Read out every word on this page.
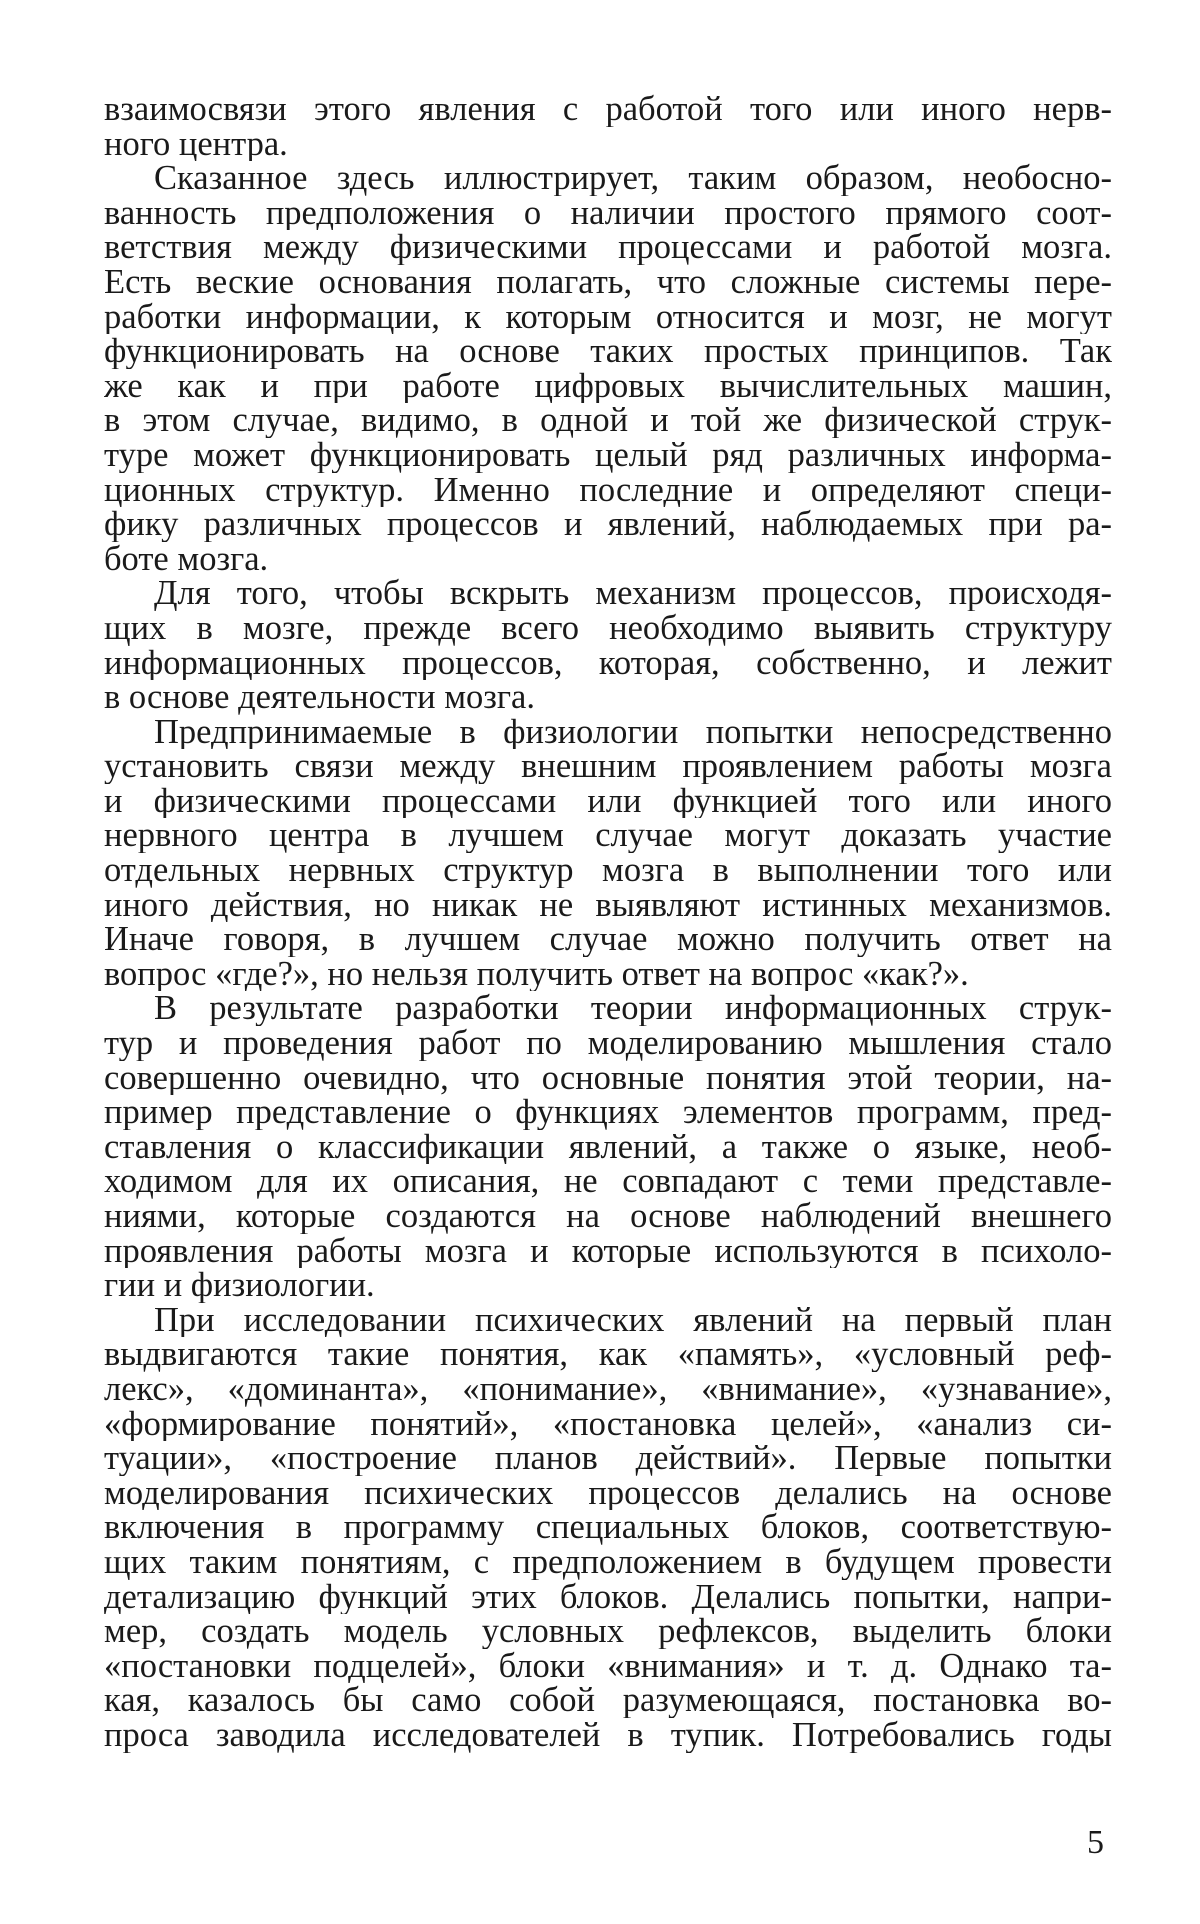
взаимосвязи этого явления с работой того или иного нерв-
ного центра.
Сказанное здесь иллюстрирует, таким образом, необосно-
ванность предположения о наличии простого прямого соот-
ветствия между физическими процессами и работой мозга.
Есть веские основания полагать, что сложные системы пере-
работки информации, к которым относится и мозг, не могут
функционировать на основе таких простых принципов. Так
же как и при работе цифровых вычислительных машин,
в этом случае, видимо, в одной и той же физической струк-
туре может функционировать целый ряд различных информа-
ционных структур. Именно последние и определяют специ-
фику различных процессов и явлений, наблюдаемых при ра-
боте мозга.
Для того, чтобы вскрыть механизм процессов, происходя-
щих в мозге, прежде всего необходимо выявить структуру
информационных процессов, которая, собственно, и лежит
в основе деятельности мозга.
Предпринимаемые в физиологии попытки непосредственно
установить связи между внешним проявлением работы мозга
и физическими процессами или функцией того или иного
нервного центра в лучшем случае могут доказать участие
отдельных нервных структур мозга в выполнении того или
иного действия, но никак не выявляют истинных механизмов.
Иначе говоря, в лучшем случае можно получить ответ на
вопрос «где?», но нельзя получить ответ на вопрос «как?».
В результате разработки теории информационных струк-
тур и проведения работ по моделированию мышления стало
совершенно очевидно, что основные понятия этой теории, на-
пример представление о функциях элементов программ, пред-
ставления о классификации явлений, а также о языке, необ-
ходимом для их описания, не совпадают с теми представле-
ниями, которые создаются на основе наблюдений внешнего
проявления работы мозга и которые используются в психоло-
гии и физиологии.
При исследовании психических явлений на первый план
выдвигаются такие понятия, как «память», «условный реф-
лекс», «доминанта», «понимание», «внимание», «узнавание»,
«формирование понятий», «постановка целей», «анализ си-
туации», «построение планов действий». Первые попытки
моделирования психических процессов делались на основе
включения в программу специальных блоков, соответствую-
щих таким понятиям, с предположением в будущем провести
детализацию функций этих блоков. Делались попытки, напри-
мер, создать модель условных рефлексов, выделить блоки
«постановки подцелей», блоки «внимания» и т. д. Однако та-
кая, казалось бы само собой разумеющаяся, постановка во-
проса заводила исследователей в тупик. Потребовались годы
5
